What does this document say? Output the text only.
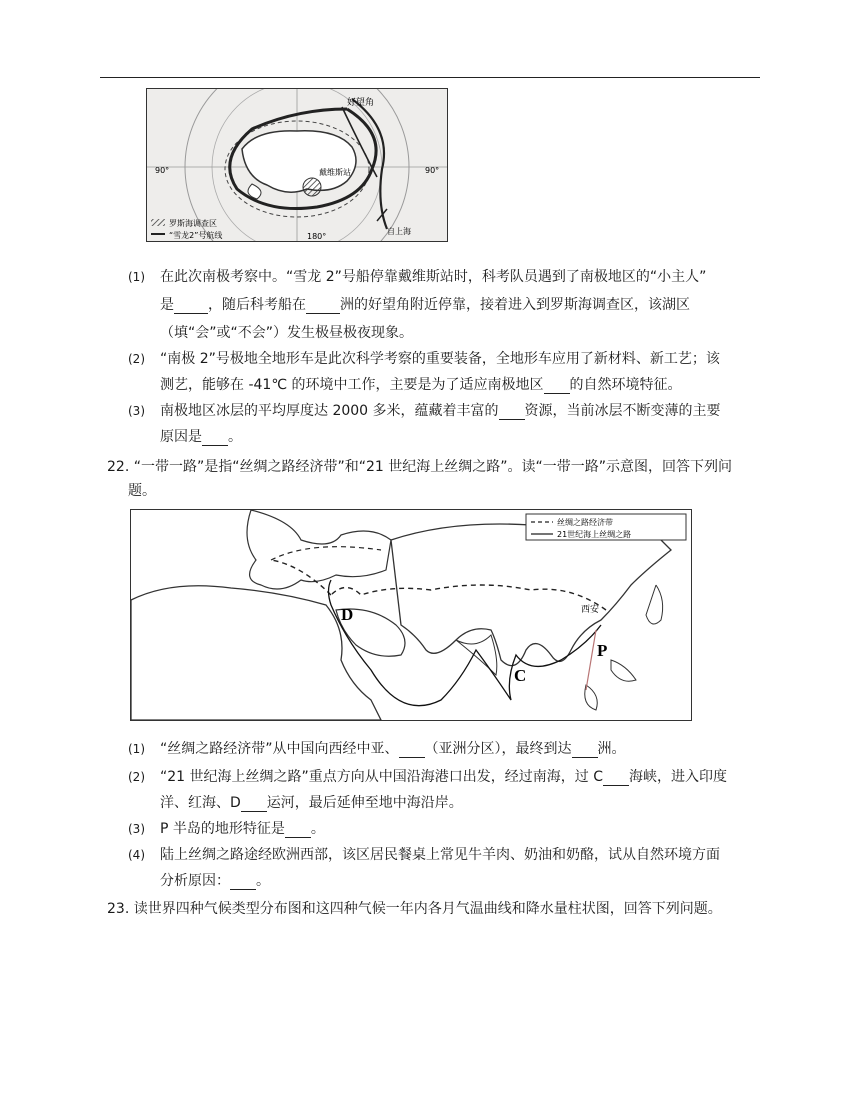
好望角
戴维斯站
自上海
90°	90°
180°
罗斯海调查区
“雪龙2”号航线
(1) 在此次南极考察中。“雪龙 2”号船停靠戴维斯站时，科考队员遇到了南极地区的“小主人”
是 ，随后科考船在 洲的好望角附近停靠，接着进入到罗斯海调查区，该湖区
（填“会”或“不会”）发生极昼极夜现象。
(2) “南极 2”号极地全地形车是此次科学考察的重要装备，全地形车应用了新材料、新工艺；该
测艺，能够在 -41℃ 的环境中工作，主要是为了适应南极地区 的自然环境特征。
(3) 南极地区冰层的平均厚度达 2000 多米，蕴藏着丰富的 资源，当前冰层不断变薄的主要
原因是 。
22. “一带一路”是指“丝绸之路经济带”和“21 世纪海上丝绸之路”。读“一带一路”示意图，回答下列问
题。
丝绸之路经济带
21世纪海上丝绸之路
D
P
C
西安
(1) “丝绸之路经济带”从中国向西经中亚、 （亚洲分区），最终到达 洲。
(2) “21 世纪海上丝绸之路”重点方向从中国沿海港口出发，经过南海，过 C 海峡，进入印度
洋、红海、D 运河，最后延伸至地中海沿岸。
(3) P 半岛的地形特征是 。
(4) 陆上丝绸之路途经欧洲西部，该区居民餐桌上常见牛羊肉、奶油和奶酪，试从自然环境方面
分析原因： 。
23. 读世界四种气候类型分布图和这四种气候一年内各月气温曲线和降水量柱状图，回答下列问题。
